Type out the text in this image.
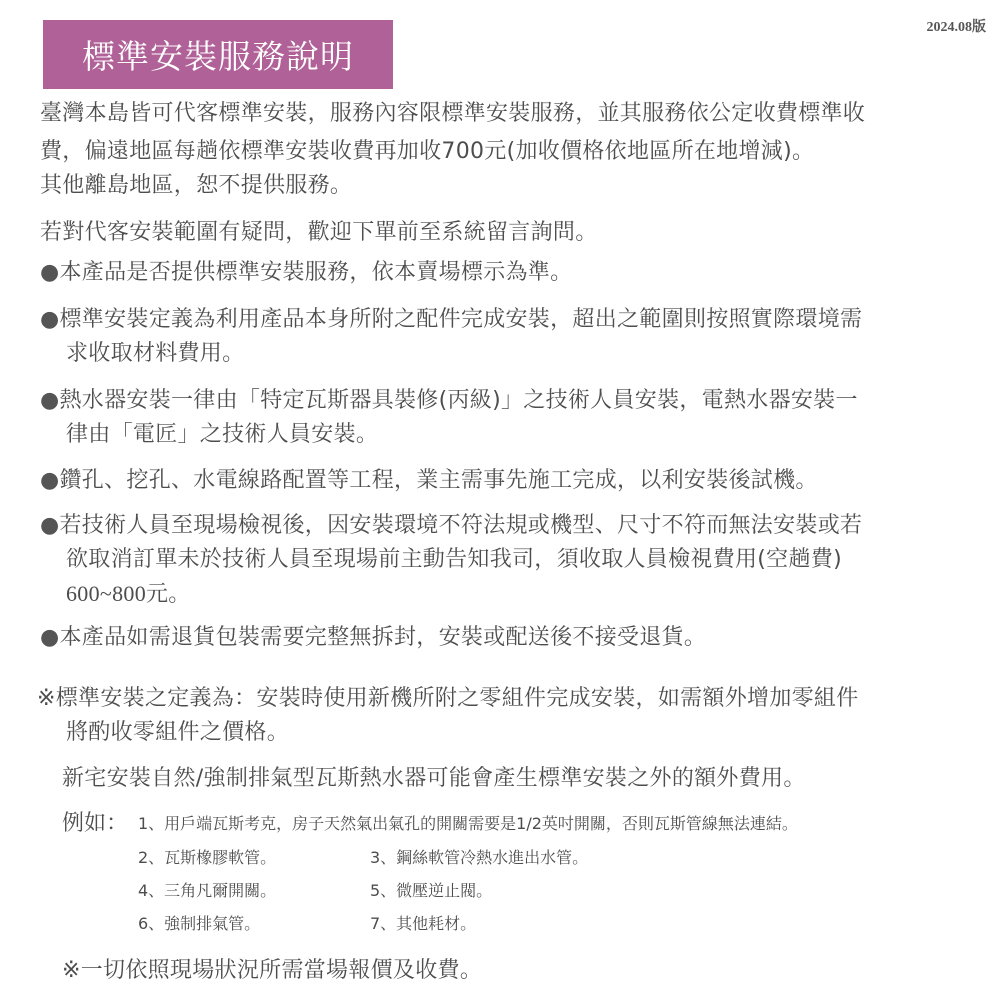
2024.08版
標準安裝服務說明
臺灣本島皆可代客標準安裝，服務內容限標準安裝服務，並其服務依公定收費標準收
費，偏遠地區每趟依標準安裝收費再加收700元(加收價格依地區所在地增減)。
其他離島地區，恕不提供服務。
若對代客安裝範圍有疑問，歡迎下單前至系統留言詢問。
●本產品是否提供標準安裝服務，依本賣場標示為準。
●標準安裝定義為利用產品本身所附之配件完成安裝，超出之範圍則按照實際環境需
求收取材料費用。
●熱水器安裝一律由「特定瓦斯器具裝修(丙級)」之技術人員安裝，電熱水器安裝一
律由「電匠」之技術人員安裝。
●鑽孔、挖孔、水電線路配置等工程，業主需事先施工完成，以利安裝後試機。
●若技術人員至現場檢視後，因安裝環境不符法規或機型、尺寸不符而無法安裝或若
欲取消訂單未於技術人員至現場前主動告知我司，須收取人員檢視費用(空趟費)
600~800元。
●本產品如需退貨包裝需要完整無拆封，安裝或配送後不接受退貨。
※標準安裝之定義為：安裝時使用新機所附之零組件完成安裝，如需額外增加零組件
將酌收零組件之價格。
新宅安裝自然/強制排氣型瓦斯熱水器可能會產生標準安裝之外的額外費用。
例如： 1、用戶端瓦斯考克，房子天然氣出氣孔的開關需要是1/2英吋開關，否則瓦斯管線無法連結。
2、瓦斯橡膠軟管。	3、鋼絲軟管冷熱水進出水管。
4、三角凡爾開關。	5、微壓逆止閥。
6、強制排氣管。	7、其他耗材。
※一切依照現場狀況所需當場報價及收費。
